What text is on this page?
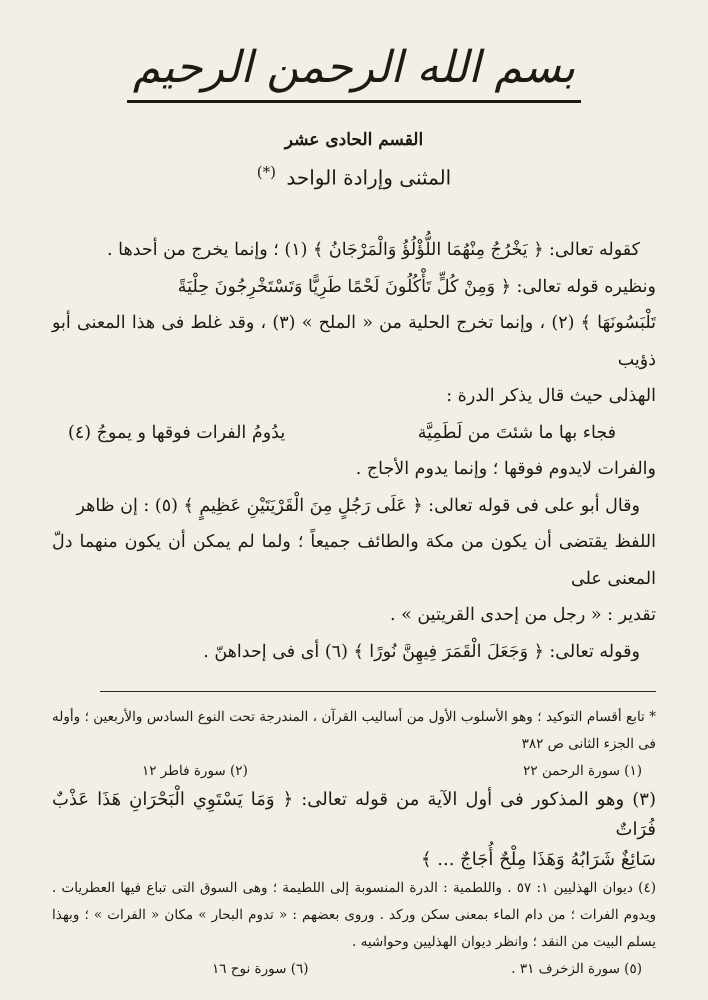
بسم الله الرحمن الرحيم
القسم الحادى عشر
المثنى وإرادة الواحد (*)

كقوله تعالى: ﴿ يَخْرُجُ مِنْهُمَا اللُّؤْلُؤُ وَالْمَرْجَانُ ﴾ (١) ؛ وإنما يخرج من أحدها .

ونظيره قوله تعالى: ﴿ وَمِنْ كُلٍّ تَأْكُلُونَ لَحْمًا طَرِيًّا وَتَسْتَخْرِجُونَ حِلْيَةً

تَلْبَسُونَهَا ﴾ (٢) ، وإنما تخرج الحلية من « الملح » (٣) ، وقد غلط فى هذا المعنى أبو ذؤيب

الهذلى حيث قال يذكر الدرة :

فجاء بها ما شئتَ من لَطَمِيَّة
يدُومُ الفرات فوقها و يموجُ (٤)

والفرات لايدوم فوقها ؛ وإنما يدوم الأجاج .

وقال أبو على فى قوله تعالى: ﴿ عَلَى رَجُلٍ مِنَ الْقَرْيَتَيْنِ عَظِيمٍ ﴾ (٥) : إن ظاهر

اللفظ يقتضى أن يكون من مكة والطائف جميعاً ؛ ولما لم يمكن أن يكون منهما دلّ المعنى على

تقدير : « رجل من إحدى القريتين » .

وقوله تعالى: ﴿ وَجَعَلَ الْقَمَرَ فِيهِنَّ نُورًا ﴾ (٦) أى فى إحداهنّ .

* تابع أقسام التوكيد ؛ وهو الأسلوب الأول من أساليب القرآن ، المندرجة تحت النوع السادس والأربعين ؛ وأوله فى الجزء الثانى ص ٣٨٢

(١) سورة الرحمن ٢٢
(٢) سورة فاطر ١٢

(٣) وهو المذكور فى أول الآية من قوله تعالى: ﴿ وَمَا يَسْتَوِي الْبَحْرَانِ هَذَا عَذْبٌ فُرَاتٌ

سَائِغٌ شَرَابُهُ وَهَذَا مِلْحٌ أُجَاجٌ ... ﴾

(٤) ديوان الهذليين ١: ٥٧ . واللطمية : الدرة المنسوبة إلى اللطيمة ؛ وهى السوق التى تباع فيها العطريات . ويدوم الفرات ؛ من دام الماء بمعنى سكن وركد . وروى بعضهم : « تدوم البحار » مكان « الفرات » ؛ وبهذا يسلم البيت من النقد ؛ وانظر ديوان الهذليين وحواشيه .

(٥) سورة الزخرف ٣١ .
(٦) سورة نوح ١٦
